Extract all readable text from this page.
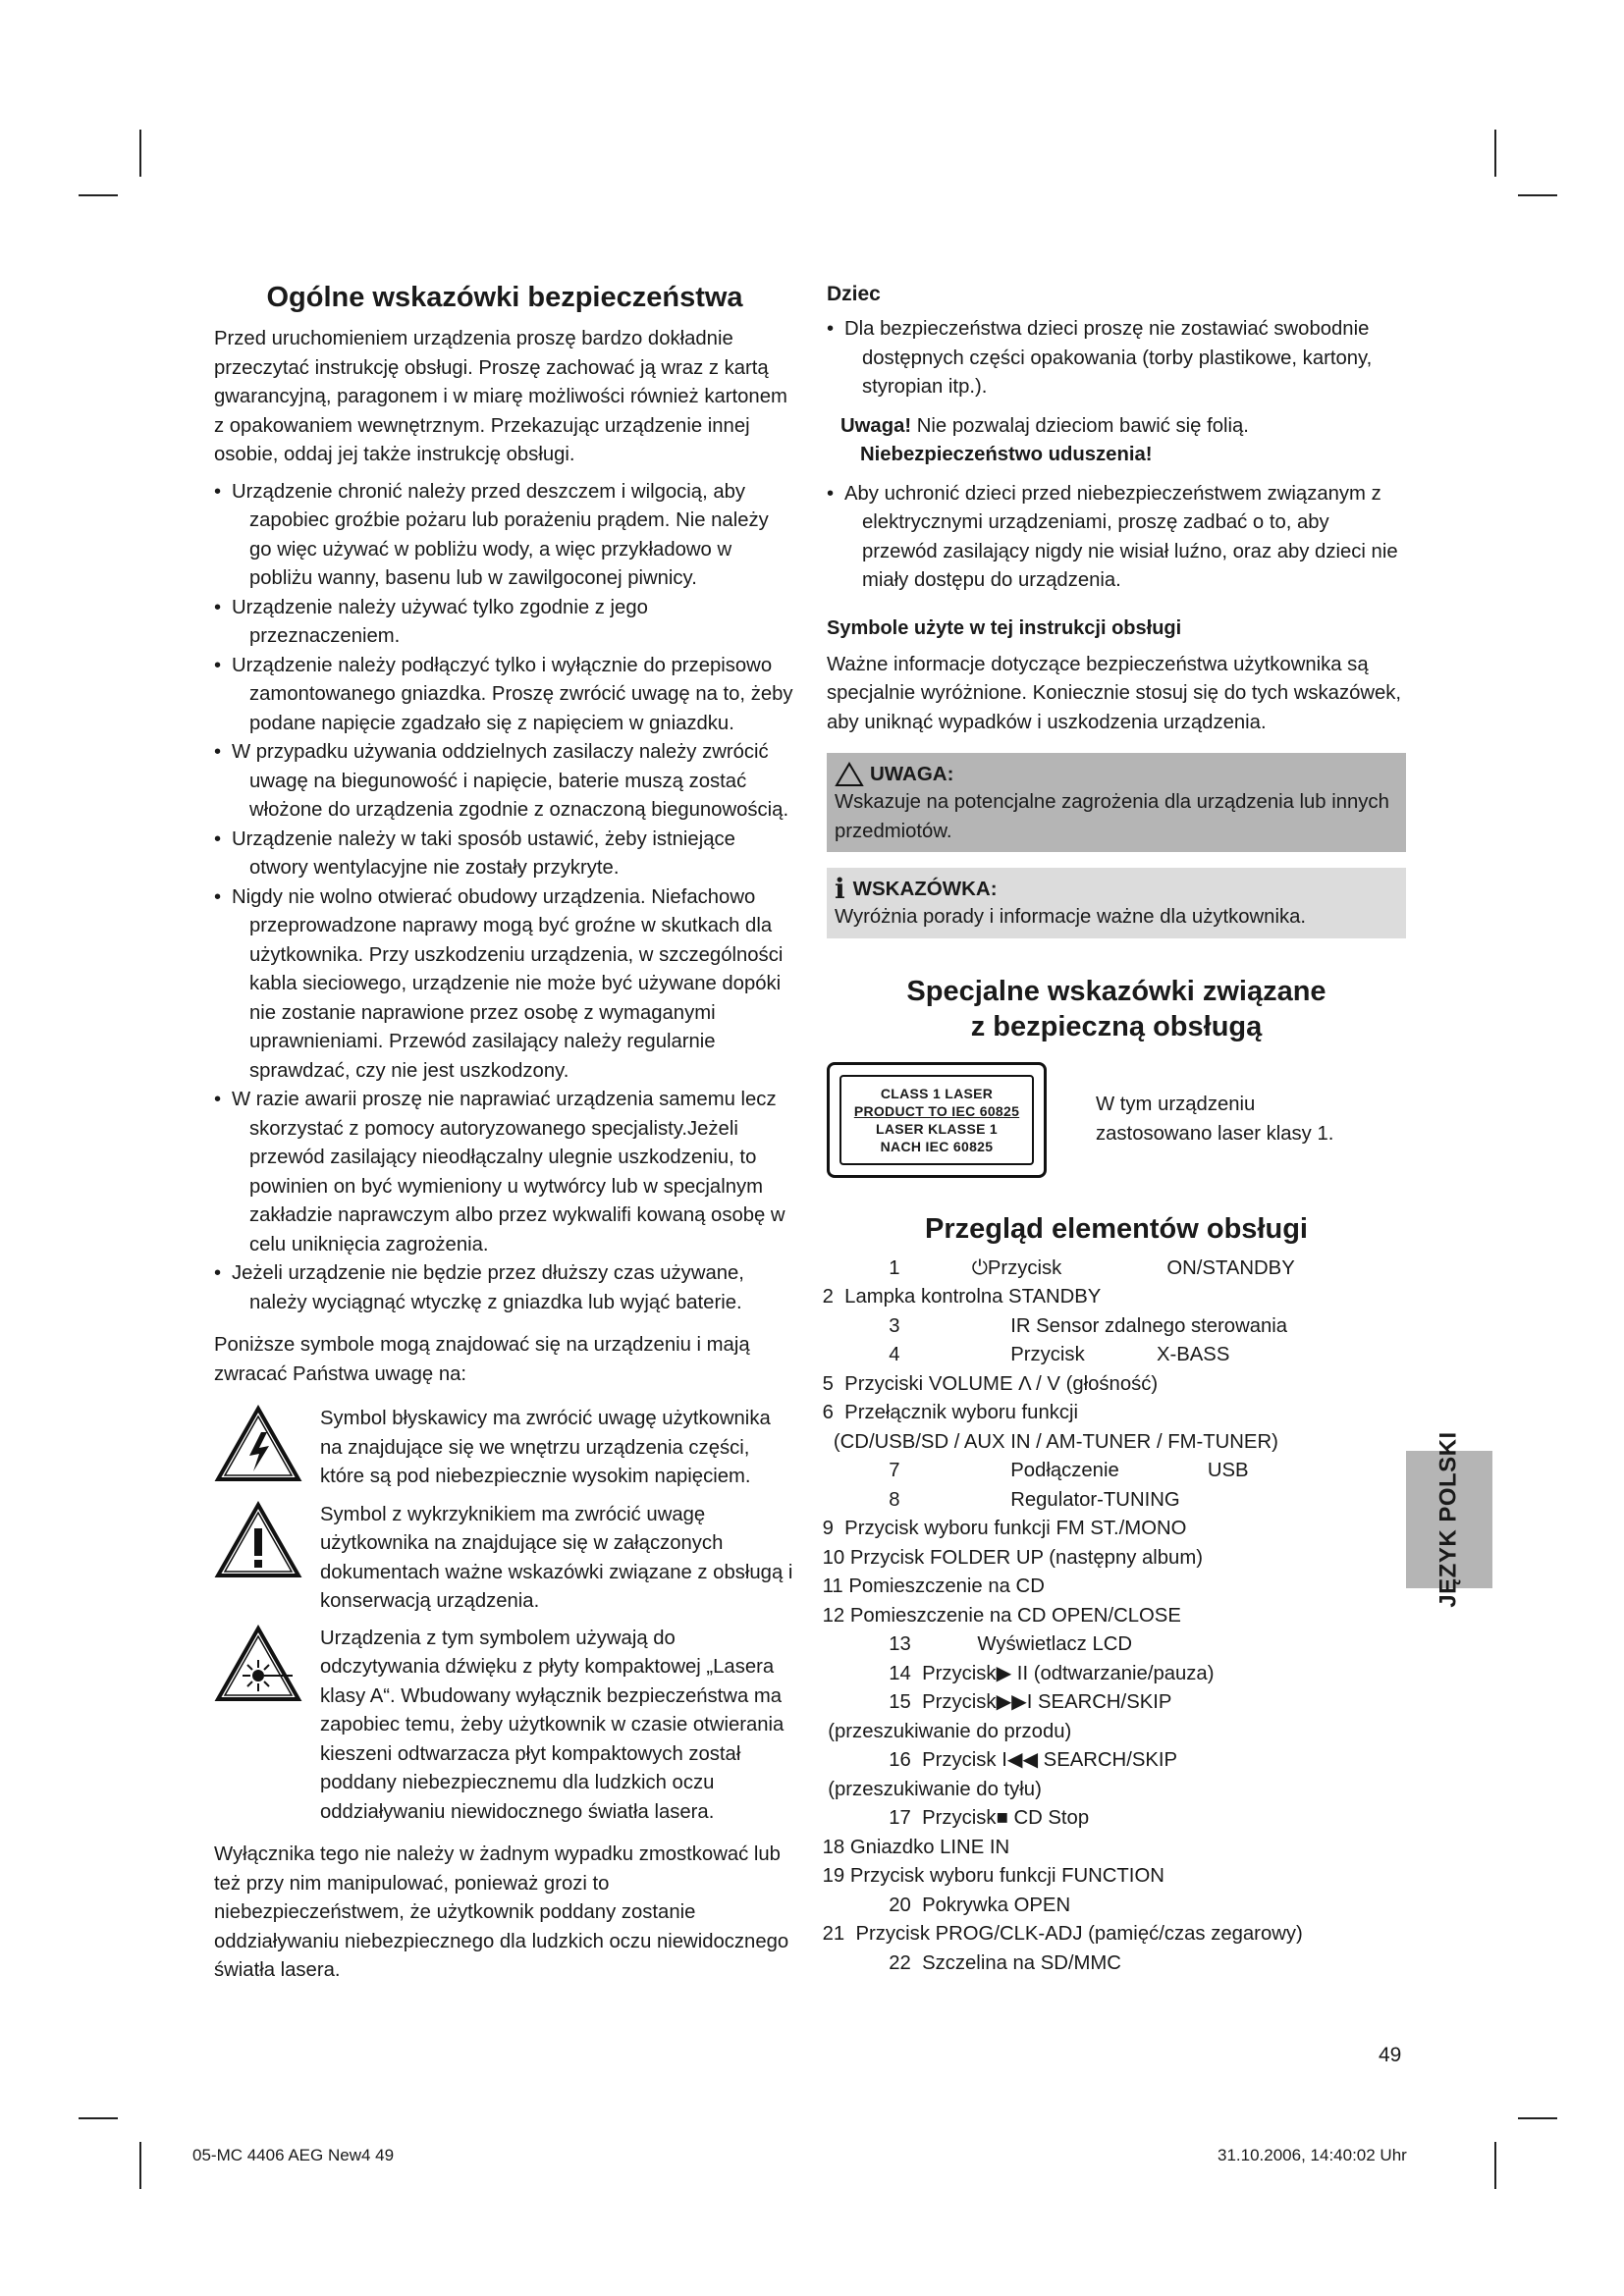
Ogólne wskazówki bezpieczeństwa

Przed uruchomieniem urządzenia proszę bardzo dokładnie przeczytać instrukcję obsługi. Proszę zachować ją wraz z kartą gwarancyjną, paragonem i w miarę możliwości również kartonem z opakowaniem wewnętrznym. Przekazując urządzenie innej osobie, oddaj jej także instrukcję obsługi.

• Urządzenie chronić należy przed deszczem i wilgocią, aby zapobiec groźbie pożaru lub porażeniu prądem. Nie należy go więc używać w pobliżu wody, a więc przykładowo w pobliżu wanny, basenu lub w zawilgoconej piwnicy.
• Urządzenie należy używać tylko zgodnie z jego przeznaczeniem.
• Urządzenie należy podłączyć tylko i wyłącznie do przepisowo zamontowanego gniazdka. Proszę zwrócić uwagę na to, żeby podane napięcie zgadzało się z napięciem w gniazdku.
• W przypadku używania oddzielnych zasilaczy należy zwrócić uwagę na biegunowość i napięcie, baterie muszą zostać włożone do urządzenia zgodnie z oznaczoną biegunowością.
• Urządzenie należy w taki sposób ustawić, żeby istniejące otwory wentylacyjne nie zostały przykryte.
• Nigdy nie wolno otwierać obudowy urządzenia. Niefachowo przeprowadzone naprawy mogą być groźne w skutkach dla użytkownika. Przy uszkodzeniu urządzenia, w szczególności kabla sieciowego, urządzenie nie może być używane dopóki nie zostanie naprawione przez osobę z wymaganymi uprawnieniami. Przewód zasilający należy regularnie sprawdzać, czy nie jest uszkodzony.
• W razie awarii proszę nie naprawiać urządzenia samemu lecz skorzystać z pomocy autoryzowanego specjalisty.Jeżeli przewód zasilający nieodłączalny ulegnie uszkodzeniu, to powinien on być wymieniony u wytwórcy lub w specjalnym zakładzie naprawczym albo przez wykwalifi kowaną osobę w celu uniknięcia zagrożenia.
• Jeżeli urządzenie nie będzie przez dłuższy czas używane, należy wyciągnąć wtyczkę z gniazdka lub wyjąć baterie.

Poniższe symbole mogą znajdować się na urządzeniu i mają zwracać Państwa uwagę na:

Symbol błyskawicy ma zwrócić uwagę użytkownika na znajdujące się we wnętrzu urządzenia części, które są pod niebezpiecznie wysokim napięciem.
Symbol z wykrzyknikiem ma zwrócić uwagę użytkownika na znajdujące się w załączonych dokumentach ważne wskazówki związane z obsługą i konserwacją urządzenia.
Urządzenia z tym symbolem używają do odczytywania dźwięku z płyty kompaktowej „Lasera klasy A“. Wbudowany wyłącznik bezpieczeństwa ma zapobiec temu, żeby użytkownik w czasie otwierania kieszeni odtwarzacza płyt kompaktowych został poddany niebezpiecznemu dla ludzkich oczu oddziaływaniu niewidocznego światła lasera.

Wyłącznika tego nie należy w żadnym wypadku zmostkować lub też przy nim manipulować, ponieważ grozi to niebezpieczeństwem, że użytkownik poddany zostanie oddziaływaniu niebezpiecznego dla ludzkich oczu niewidocznego światła lasera.

Dziec
• Dla bezpieczeństwa dzieci proszę nie zostawiać swobodnie dostępnych części opakowania (torby plastikowe, kartony, styropian itp.).
Uwaga! Nie pozwalaj dzieciom bawić się folią.
Niebezpieczeństwo uduszenia!
• Aby uchronić dzieci przed niebezpieczeństwem związanym z elektrycznymi urządzeniami, proszę zadbać o to, aby przewód zasilający nigdy nie wisiał luźno, oraz aby dzieci nie miały dostępu do urządzenia.
Symbole użyte w tej instrukcji obsługi

Ważne informacje dotyczące bezpieczeństwa użytkownika są specjalnie wyróżnione. Koniecznie stosuj się do tych wskazówek, aby uniknąć wypadków i uszkodzenia urządzenia.

UWAGA:
Wskazuje na potencjalne zagrożenia dla urządzenia lub innych przedmiotów.
i WSKAZÓWKA:
Wyróżnia porady i informacje ważne dla użytkownika.
Specjalne wskazówki związane
z bezpieczną obsługą
CLASS 1 LASER
PRODUCT TO IEC 60825
LASER KLASSE 1
NACH IEC 60825
W tym urządzeniu zastosowano laser klasy 1.
Przegląd elementów obsługi
1             ⏻Przycisk                   ON/STANDBY
2  Lampka kontrolna STANDBY
3                    IR Sensor zdalnego sterowania
4                    Przycisk             X-BASS
5  Przyciski VOLUME Λ / V (głośność)
6  Przełącznik wyboru funkcji
(CD/USB/SD / AUX IN / AM-TUNER / FM-TUNER)
7                    Podłączenie                USB
8                    Regulator-TUNING
9  Przycisk wyboru funkcji FM ST./MONO
10 Przycisk FOLDER UP (następny album)
11 Pomieszczenie na CD
12 Pomieszczenie na CD OPEN/CLOSE
13            Wyświetlacz LCD
14  Przycisk▶ II (odtwarzanie/pauza)
15  Przycisk▶▶I SEARCH/SKIP
(przeszukiwanie do przodu)
16  Przycisk I◀◀ SEARCH/SKIP
(przeszukiwanie do tyłu)
17  Przycisk■ CD Stop
18 Gniazdko LINE IN
19 Przycisk wyboru funkcji FUNCTION
20  Pokrywka OPEN
21  Przycisk PROG/CLK-ADJ (pamięć/czas zegarowy)
22  Szczelina na SD/MMC
JĘZYK POLSKI
49
05-MC 4406 AEG New4 49	31.10.2006, 14:40:02 Uhr
